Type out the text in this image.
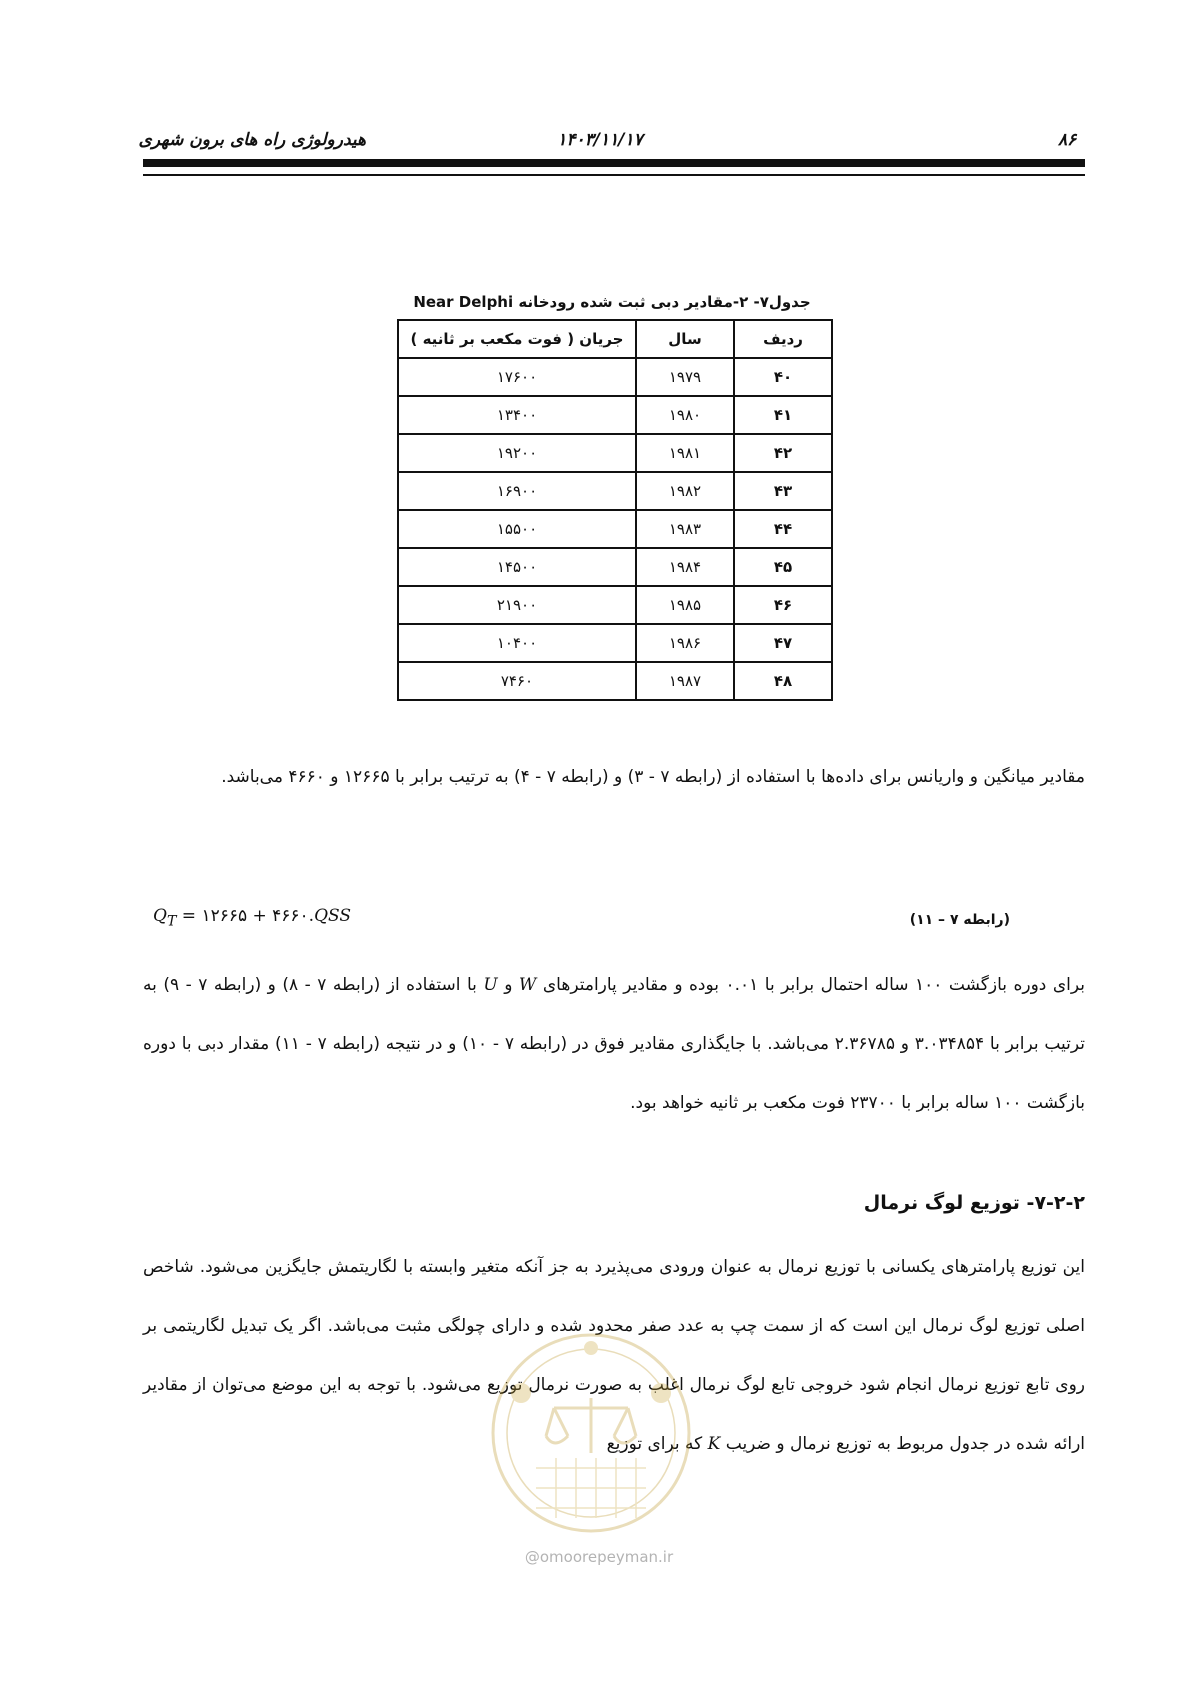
هیدرولوژی راه های برون شهری	۱۴۰۳/۱۱/۱۷	۸۶
جدول۷- ۲-مقادیر دبی ثبت شده رودخانه Near Delphi
ردیف	سال	جریان ( فوت مکعب بر ثانیه )
۴۰	۱۹۷۹	۱۷۶۰۰
۴۱	۱۹۸۰	۱۳۴۰۰
۴۲	۱۹۸۱	۱۹۲۰۰
۴۳	۱۹۸۲	۱۶۹۰۰
۴۴	۱۹۸۳	۱۵۵۰۰
۴۵	۱۹۸۴	۱۴۵۰۰
۴۶	۱۹۸۵	۲۱۹۰۰
۴۷	۱۹۸۶	۱۰۴۰۰
۴۸	۱۹۸۷	۷۴۶۰

مقادیر میانگین و واریانس برای داده‌ها با استفاده از (رابطه ۷ - ۳) و (رابطه ۷ - ۴) به ترتیب برابر با ۱۲۶۶۵ و ۴۶۶۰ می‌باشد.

$Q_T$ = ۱۲۶۶۵ + ۴۶۶۰.QSS	(رابطه ۷ – ۱۱)

برای دوره بازگشت ۱۰۰ ساله احتمال برابر با ۰.۰۱ بوده و مقادیر پارامترهای W و U با استفاده از (رابطه ۷ - ۸) و (رابطه ۷ - ۹) به ترتیب برابر با ۳.۰۳۴۸۵۴ و ۲.۳۶۷۸۵ می‌باشد. با جایگذاری مقادیر فوق در (رابطه ۷ - ۱۰) و در نتیجه (رابطه ۷ - ۱۱) مقدار دبی با دوره بازگشت ۱۰۰ ساله برابر با ۲۳۷۰۰ فوت مکعب بر ثانیه خواهد بود.

۷-۲-۲- توزیع لوگ نرمال

این توزیع پارامترهای یکسانی با توزیع نرمال به عنوان ورودی می‌پذیرد به جز آنکه متغیر وابسته با لگاریتمش جایگزین می‌شود. شاخص اصلی توزیع لوگ نرمال این است که از سمت چپ به عدد صفر محدود شده و دارای چولگی مثبت می‌باشد. اگر یک تبدیل لگاریتمی بر روی تابع توزیع نرمال انجام شود خروجی تابع لوگ نرمال اغلب به صورت نرمال توزیع می‌شود. با توجه به این موضع می‌توان از مقادیر ارائه شده در جدول مربوط به توزیع نرمال و ضریب K که برای توزیع

@omoorepeyman.ir
